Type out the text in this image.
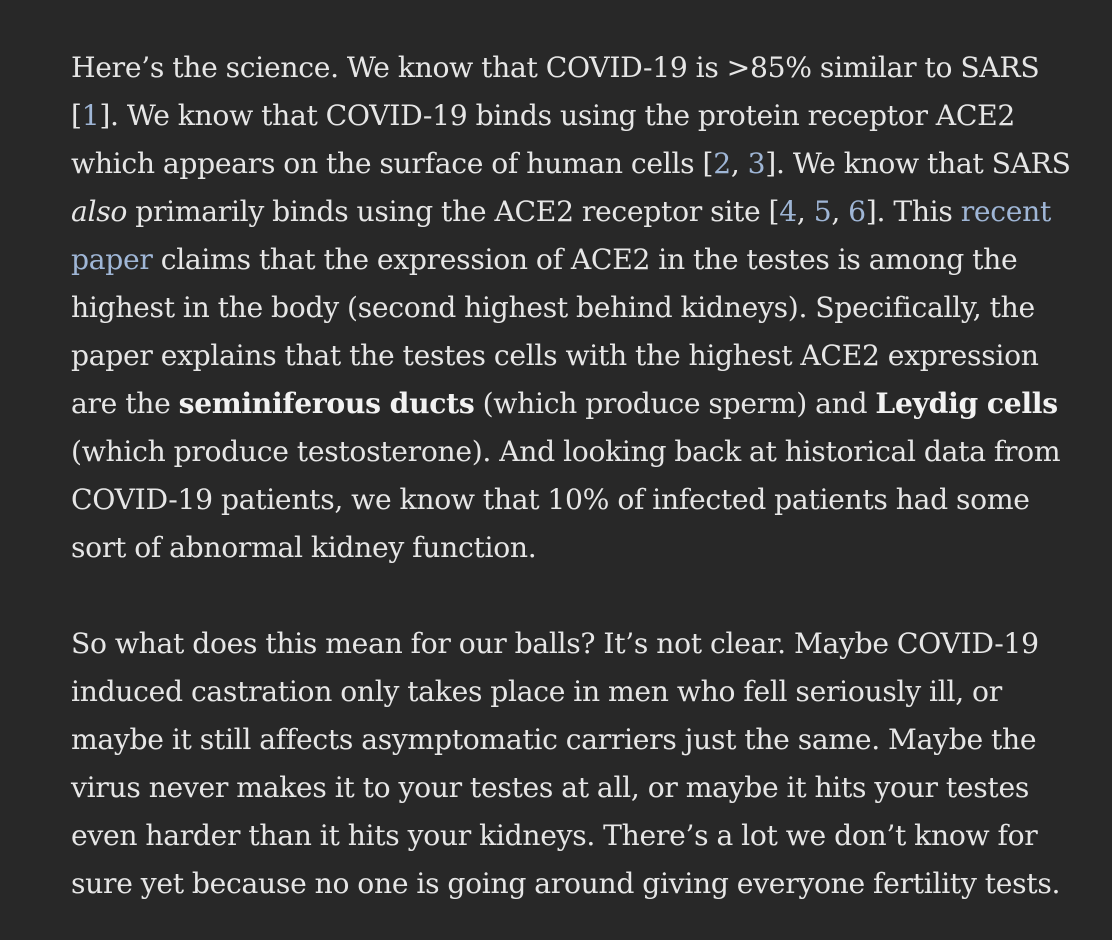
Here’s the science. We know that COVID-19 is >85% similar to SARS [1]. We know that COVID-19 binds using the protein receptor ACE2 which appears on the surface of human cells [2, 3]. We know that SARS also primarily binds using the ACE2 receptor site [4, 5, 6]. This recent paper claims that the expression of ACE2 in the testes is among the highest in the body (second highest behind kidneys). Specifically, the paper explains that the testes cells with the highest ACE2 expression are the seminiferous ducts (which produce sperm) and Leydig cells (which produce testosterone). And looking back at historical data from COVID-19 patients, we know that 10% of infected patients had some sort of abnormal kidney function.

So what does this mean for our balls? It’s not clear. Maybe COVID-19 induced castration only takes place in men who fell seriously ill, or maybe it still affects asymptomatic carriers just the same. Maybe the virus never makes it to your testes at all, or maybe it hits your testes even harder than it hits your kidneys. There’s a lot we don’t know for sure yet because no one is going around giving everyone fertility tests.
